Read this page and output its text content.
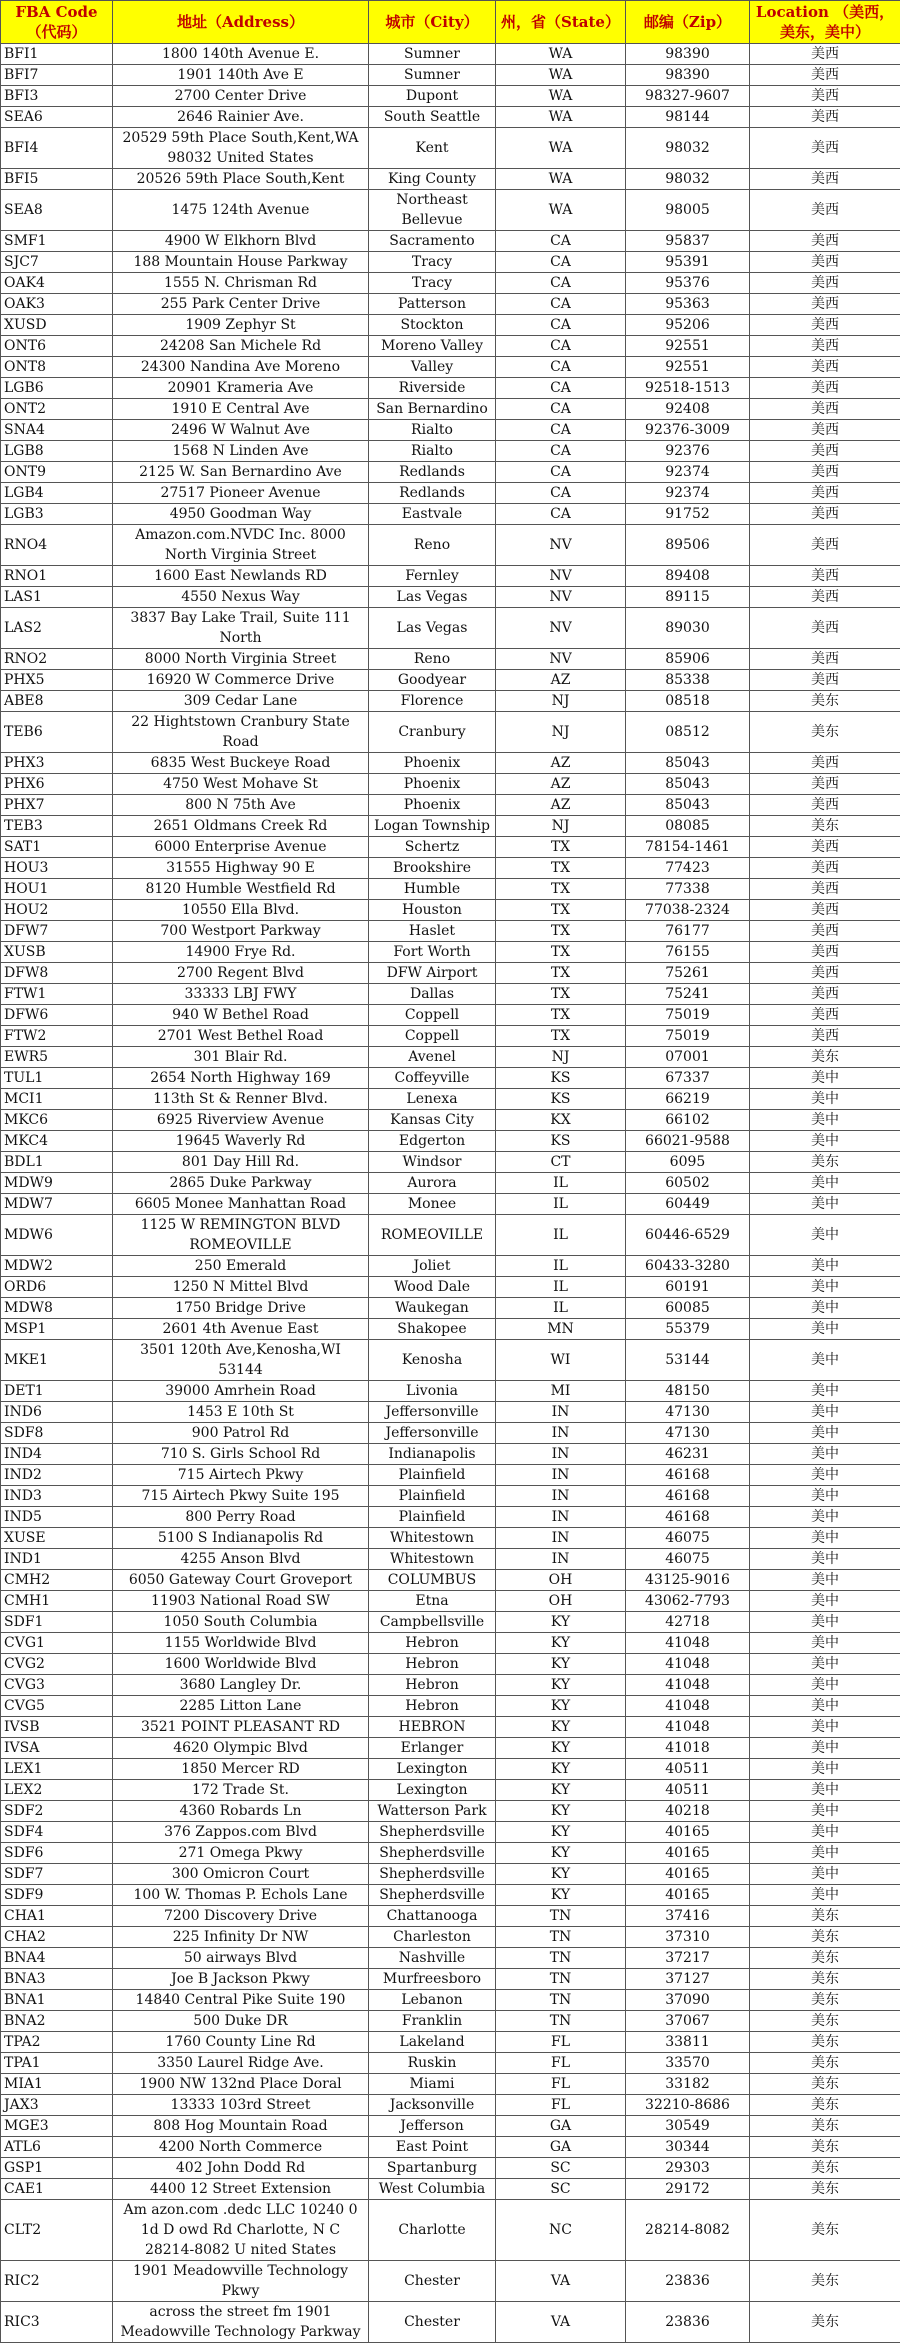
FBA Code（代码）	地址（Address）	城市（City）	州，省（State）	邮编（Zip）	Location （美西，美东，美中）
BFI1	1800 140th Avenue E.	Sumner	WA	98390	美西
BFI7	1901 140th Ave E	Sumner	WA	98390	美西
BFI3	2700 Center Drive	Dupont	WA	98327-9607	美西
SEA6	2646 Rainier Ave.	South Seattle	WA	98144	美西
BFI4	20529 59th Place South,Kent,WA 98032 United States	Kent	WA	98032	美西
BFI5	20526 59th Place South,Kent	King County	WA	98032	美西
SEA8	1475 124th Avenue	Northeast Bellevue	WA	98005	美西
SMF1	4900 W Elkhorn Blvd	Sacramento	CA	95837	美西
SJC7	188 Mountain House Parkway	Tracy	CA	95391	美西
OAK4	1555 N. Chrisman Rd	Tracy	CA	95376	美西
OAK3	255 Park Center Drive	Patterson	CA	95363	美西
XUSD	1909 Zephyr St	Stockton	CA	95206	美西
ONT6	24208 San Michele Rd	Moreno Valley	CA	92551	美西
ONT8	24300 Nandina Ave Moreno	Valley	CA	92551	美西
LGB6	20901 Krameria Ave	Riverside	CA	92518-1513	美西
ONT2	1910 E Central Ave	San Bernardino	CA	92408	美西
SNA4	2496 W Walnut Ave	Rialto	CA	92376-3009	美西
LGB8	1568 N Linden Ave	Rialto	CA	92376	美西
ONT9	2125 W. San Bernardino Ave	Redlands	CA	92374	美西
LGB4	27517 Pioneer Avenue	Redlands	CA	92374	美西
LGB3	4950 Goodman Way	Eastvale	CA	91752	美西
RNO4	Amazon.com.NVDC Inc. 8000 North Virginia Street	Reno	NV	89506	美西
RNO1	1600 East Newlands RD	Fernley	NV	89408	美西
LAS1	4550 Nexus Way	Las Vegas	NV	89115	美西
LAS2	3837 Bay Lake Trail, Suite 111 North	Las Vegas	NV	89030	美西
RNO2	8000 North Virginia Street	Reno	NV	85906	美西
PHX5	16920 W Commerce Drive	Goodyear	AZ	85338	美西
ABE8	309 Cedar Lane	Florence	NJ	08518	美东
TEB6	22 Hightstown Cranbury State Road	Cranbury	NJ	08512	美东
PHX3	6835 West Buckeye Road	Phoenix	AZ	85043	美西
PHX6	4750 West Mohave St	Phoenix	AZ	85043	美西
PHX7	800 N 75th Ave	Phoenix	AZ	85043	美西
TEB3	2651 Oldmans Creek Rd	Logan Township	NJ	08085	美东
SAT1	6000 Enterprise Avenue	Schertz	TX	78154-1461	美西
HOU3	31555 Highway 90 E	Brookshire	TX	77423	美西
HOU1	8120 Humble Westfield Rd	Humble	TX	77338	美西
HOU2	10550 Ella Blvd.	Houston	TX	77038-2324	美西
DFW7	700 Westport Parkway	Haslet	TX	76177	美西
XUSB	14900 Frye Rd.	Fort Worth	TX	76155	美西
DFW8	2700 Regent Blvd	DFW Airport	TX	75261	美西
FTW1	33333 LBJ FWY	Dallas	TX	75241	美西
DFW6	940 W Bethel Road	Coppell	TX	75019	美西
FTW2	2701 West Bethel Road	Coppell	TX	75019	美西
EWR5	301 Blair Rd.	Avenel	NJ	07001	美东
TUL1	2654 North Highway 169	Coffeyville	KS	67337	美中
MCI1	113th St & Renner Blvd.	Lenexa	KS	66219	美中
MKC6	6925 Riverview Avenue	Kansas City	KX	66102	美中
MKC4	19645 Waverly Rd	Edgerton	KS	66021-9588	美中
BDL1	801 Day Hill Rd.	Windsor	CT	6095	美东
MDW9	2865 Duke Parkway	Aurora	IL	60502	美中
MDW7	6605 Monee Manhattan Road	Monee	IL	60449	美中
MDW6	1125 W REMINGTON BLVD ROMEOVILLE	ROMEOVILLE	IL	60446-6529	美中
MDW2	250 Emerald	Joliet	IL	60433-3280	美中
ORD6	1250 N Mittel Blvd	Wood Dale	IL	60191	美中
MDW8	1750 Bridge Drive	Waukegan	IL	60085	美中
MSP1	2601 4th Avenue East	Shakopee	MN	55379	美中
MKE1	3501 120th Ave,Kenosha,WI 53144	Kenosha	WI	53144	美中
DET1	39000 Amrhein Road	Livonia	MI	48150	美中
IND6	1453 E 10th St	Jeffersonville	IN	47130	美中
SDF8	900 Patrol Rd	Jeffersonville	IN	47130	美中
IND4	710 S. Girls School Rd	Indianapolis	IN	46231	美中
IND2	715 Airtech Pkwy	Plainfield	IN	46168	美中
IND3	715 Airtech Pkwy Suite 195	Plainfield	IN	46168	美中
IND5	800 Perry Road	Plainfield	IN	46168	美中
XUSE	5100 S Indianapolis Rd	Whitestown	IN	46075	美中
IND1	4255 Anson Blvd	Whitestown	IN	46075	美中
CMH2	6050 Gateway Court Groveport	COLUMBUS	OH	43125-9016	美中
CMH1	11903 National Road SW	Etna	OH	43062-7793	美中
SDF1	1050 South Columbia	Campbellsville	KY	42718	美中
CVG1	1155 Worldwide Blvd	Hebron	KY	41048	美中
CVG2	1600 Worldwide Blvd	Hebron	KY	41048	美中
CVG3	3680 Langley Dr.	Hebron	KY	41048	美中
CVG5	2285 Litton Lane	Hebron	KY	41048	美中
IVSB	3521 POINT PLEASANT RD	HEBRON	KY	41048	美中
IVSA	4620 Olympic Blvd	Erlanger	KY	41018	美中
LEX1	1850 Mercer RD	Lexington	KY	40511	美中
LEX2	172 Trade St.	Lexington	KY	40511	美中
SDF2	4360 Robards Ln	Watterson Park	KY	40218	美中
SDF4	376 Zappos.com Blvd	Shepherdsville	KY	40165	美中
SDF6	271 Omega Pkwy	Shepherdsville	KY	40165	美中
SDF7	300 Omicron Court	Shepherdsville	KY	40165	美中
SDF9	100 W. Thomas P. Echols Lane	Shepherdsville	KY	40165	美中
CHA1	7200 Discovery Drive	Chattanooga	TN	37416	美东
CHA2	225 Infinity Dr NW	Charleston	TN	37310	美东
BNA4	50 airways Blvd	Nashville	TN	37217	美东
BNA3	Joe B Jackson Pkwy	Murfreesboro	TN	37127	美东
BNA1	14840 Central Pike Suite 190	Lebanon	TN	37090	美东
BNA2	500 Duke DR	Franklin	TN	37067	美东
TPA2	1760 County Line Rd	Lakeland	FL	33811	美东
TPA1	3350 Laurel Ridge Ave.	Ruskin	FL	33570	美东
MIA1	1900 NW 132nd Place Doral	Miami	FL	33182	美东
JAX3	13333 103rd Street	Jacksonville	FL	32210-8686	美东
MGE3	808 Hog Mountain Road	Jefferson	GA	30549	美东
ATL6	4200 North Commerce	East Point	GA	30344	美东
GSP1	402 John Dodd Rd	Spartanburg	SC	29303	美东
CAE1	4400 12 Street Extension	West Columbia	SC	29172	美东
CLT2	Am azon.com .dedc LLC 10240 0 1d D owd Rd Charlotte, N C 28214-8082 U nited States	Charlotte	NC	28214-8082	美东
RIC2	1901 Meadowville Technology Pkwy	Chester	VA	23836	美东
RIC3	across the street fm 1901 Meadowville Technology Parkway	Chester	VA	23836	美东
